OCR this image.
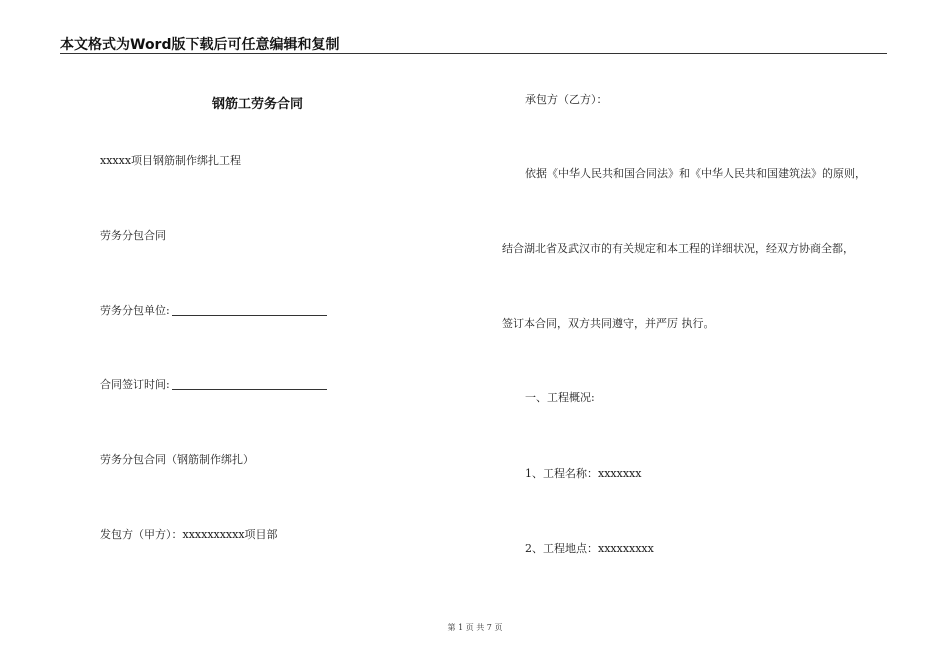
本文格式为Word版下载后可任意编辑和复制
钢筋工劳务合同
xxxxx项目钢筋制作绑扎工程
劳务分包合同
劳务分包单位:
合同签订时间:
劳务分包合同（钢筋制作绑扎）
发包方（甲方）：xxxxxxxxxx项目部
承包方（乙方）：
依据《中华人民共和国合同法》和《中华人民共和国建筑法》的原则，
结合湖北省及武汉市的有关规定和本工程的详细状况，经双方协商全都，
签订本合同，双方共同遵守，并严厉 执行。
一、工程概况:
1、工程名称：xxxxxxx
2、工程地点：xxxxxxxxx
第 1 页 共 7 页
